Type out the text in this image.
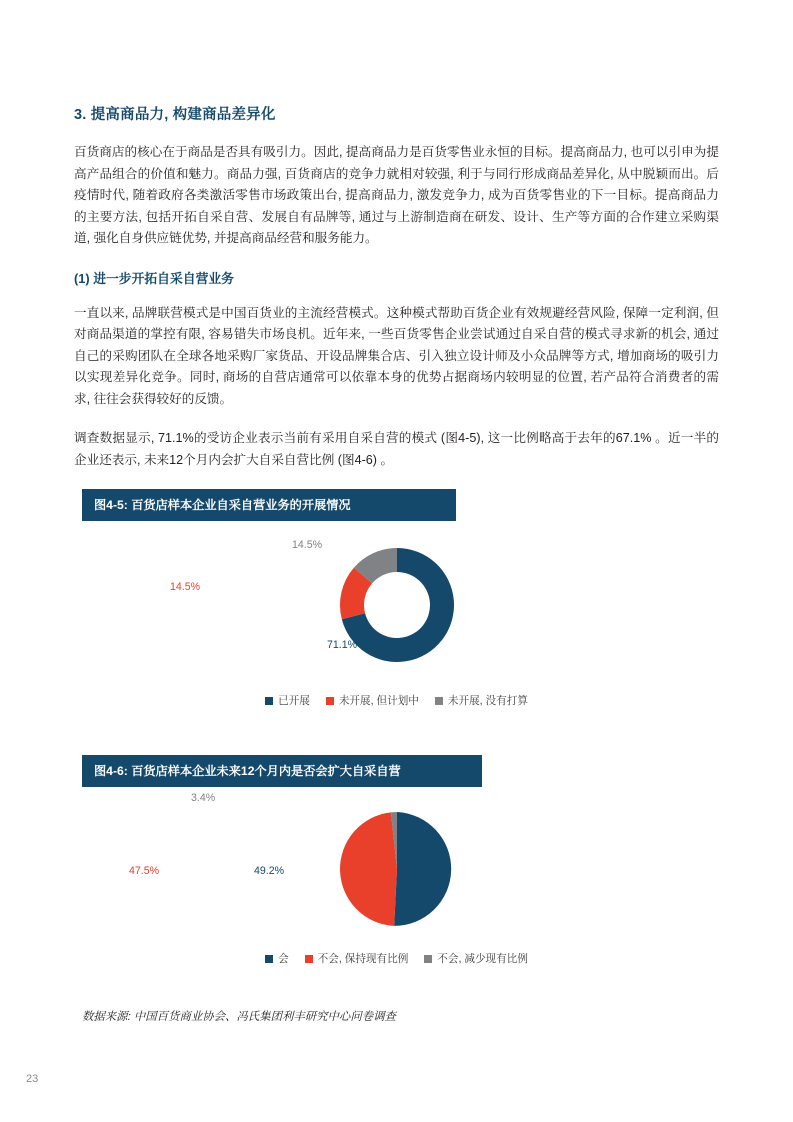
3. 提高商品力, 构建商品差异化

百货商店的核心在于商品是否具有吸引力。因此, 提高商品力是百货零售业永恒的目标。提高商品力, 也可以引申为提高产品组合的价值和魅力。商品力强, 百货商店的竞争力就相对较强, 利于与同行形成商品差异化, 从中脱颖而出。后疫情时代, 随着政府各类激活零售市场政策出台, 提高商品力, 激发竞争力, 成为百货零售业的下一目标。提高商品力的主要方法, 包括开拓自采自营、发展自有品牌等, 通过与上游制造商在研发、设计、生产等方面的合作建立采购渠道, 强化自身供应链优势, 并提高商品经营和服务能力。

(1) 进一步开拓自采自营业务

一直以来, 品牌联营模式是中国百货业的主流经营模式。这种模式帮助百货企业有效规避经营风险, 保障一定利润, 但对商品渠道的掌控有限, 容易错失市场良机。近年来, 一些百货零售企业尝试通过自采自营的模式寻求新的机会, 通过自己的采购团队在全球各地采购厂家货品、开设品牌集合店、引入独立设计师及小众品牌等方式, 增加商场的吸引力以实现差异化竞争。同时, 商场的自营店通常可以依靠本身的优势占据商场内较明显的位置, 若产品符合消费者的需求, 往往会获得较好的反馈。

调查数据显示, 71.1%的受访企业表示当前有采用自采自营的模式 (图4-5), 这一比例略高于去年的67.1% 。近一半的企业还表示, 未来12个月内会扩大自采自营比例 (图4-6) 。

图4-5: 百货店样本企业自采自营业务的开展情况
14.5%
14.5%
71.1%
已开展	未开展, 但计划中	未开展, 没有打算
图4-6: 百货店样本企业未来12个月内是否会扩大自采自营
3.4%
47.5%	49.2%
会	不会, 保持现有比例	不会, 减少现有比例
数据来源: 中国百货商业协会、冯氏集团利丰研究中心问卷调查
23
